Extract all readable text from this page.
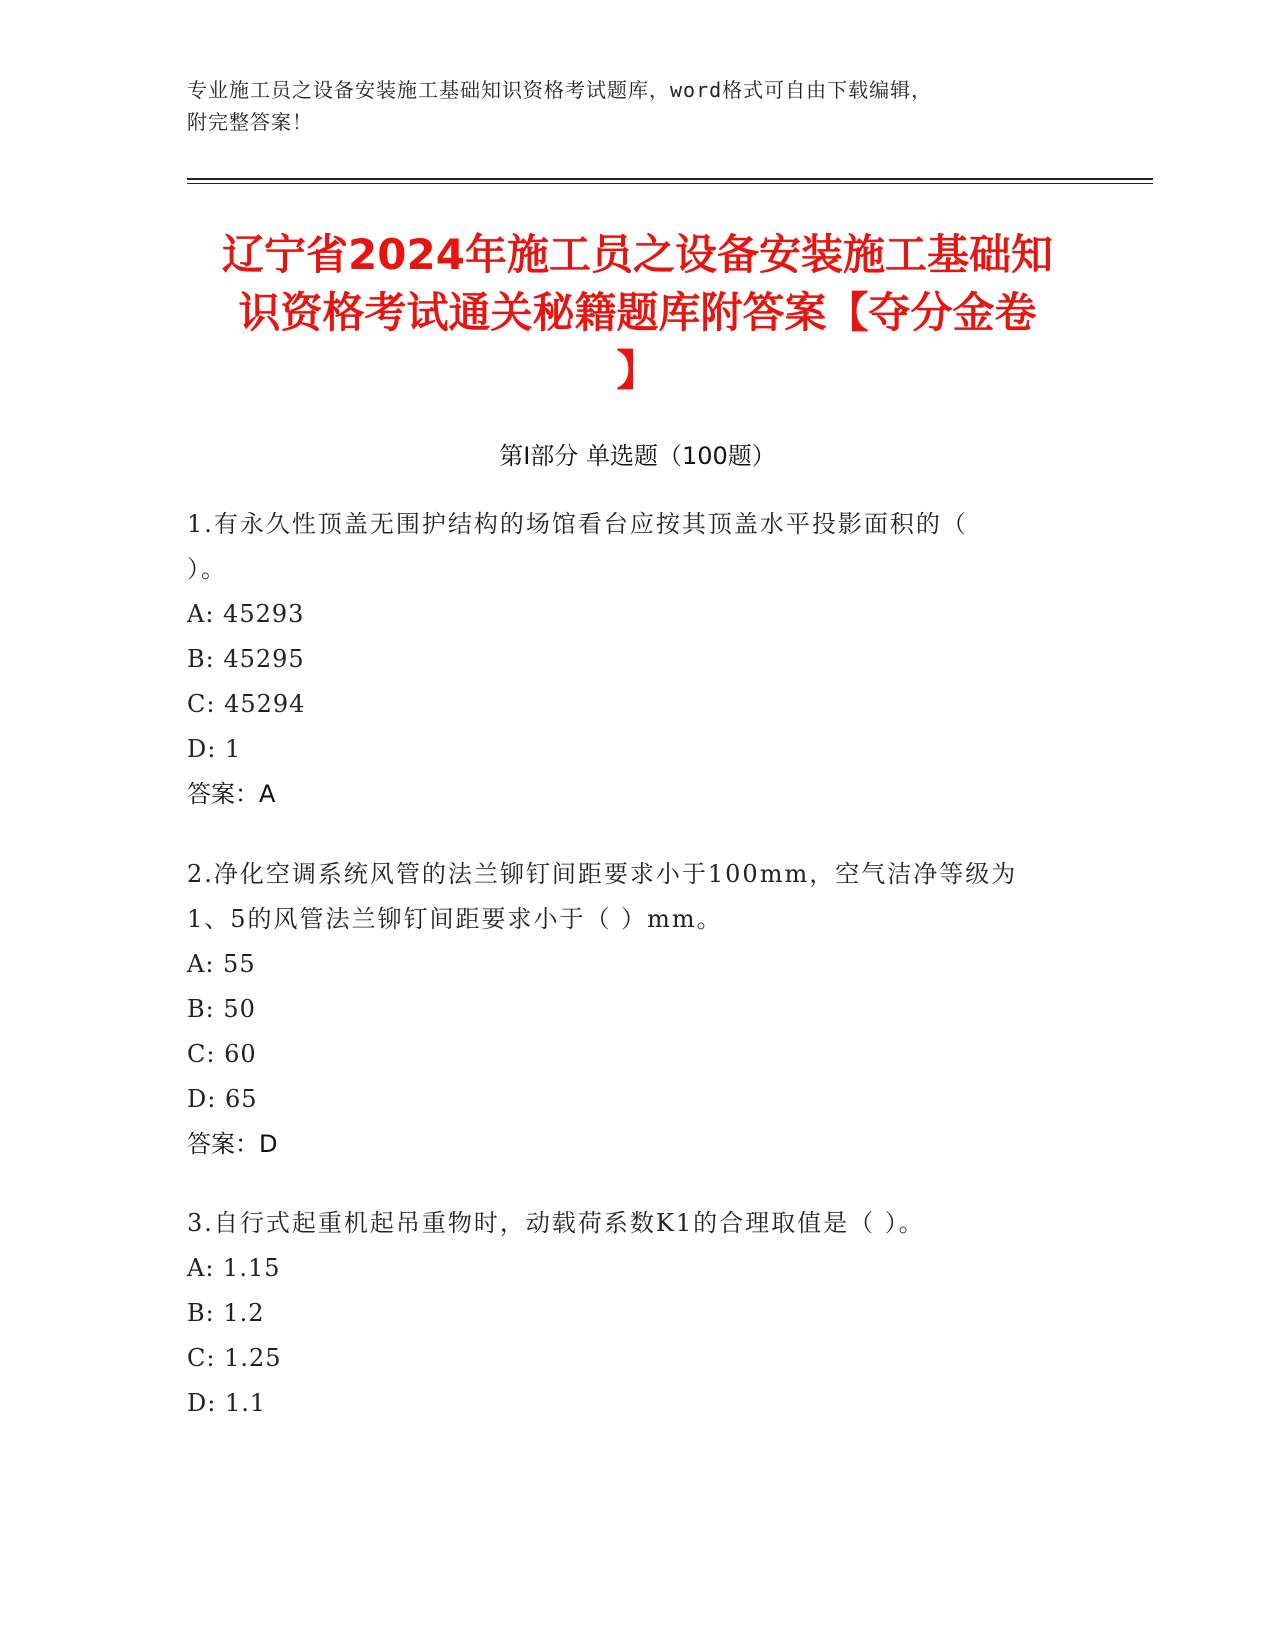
专业施工员之设备安装施工基础知识资格考试题库，word格式可自由下载编辑，
附完整答案！
辽宁省2024年施工员之设备安装施工基础知
识资格考试通关秘籍题库附答案【夺分金卷
】
第I部分 单选题（100题）
1.有永久性顶盖无围护结构的场馆看台应按其顶盖水平投影面积的（
）。
A: 45293
B: 45295
C: 45294
D: 1
答案：A
2.净化空调系统风管的法兰铆钉间距要求小于100mm，空气洁净等级为
1、5的风管法兰铆钉间距要求小于（ ）mm。
A: 55
B: 50
C: 60
D: 65
答案：D
3.自行式起重机起吊重物时，动载荷系数K1的合理取值是（ ）。
A: 1.15
B: 1.2
C: 1.25
D: 1.1
